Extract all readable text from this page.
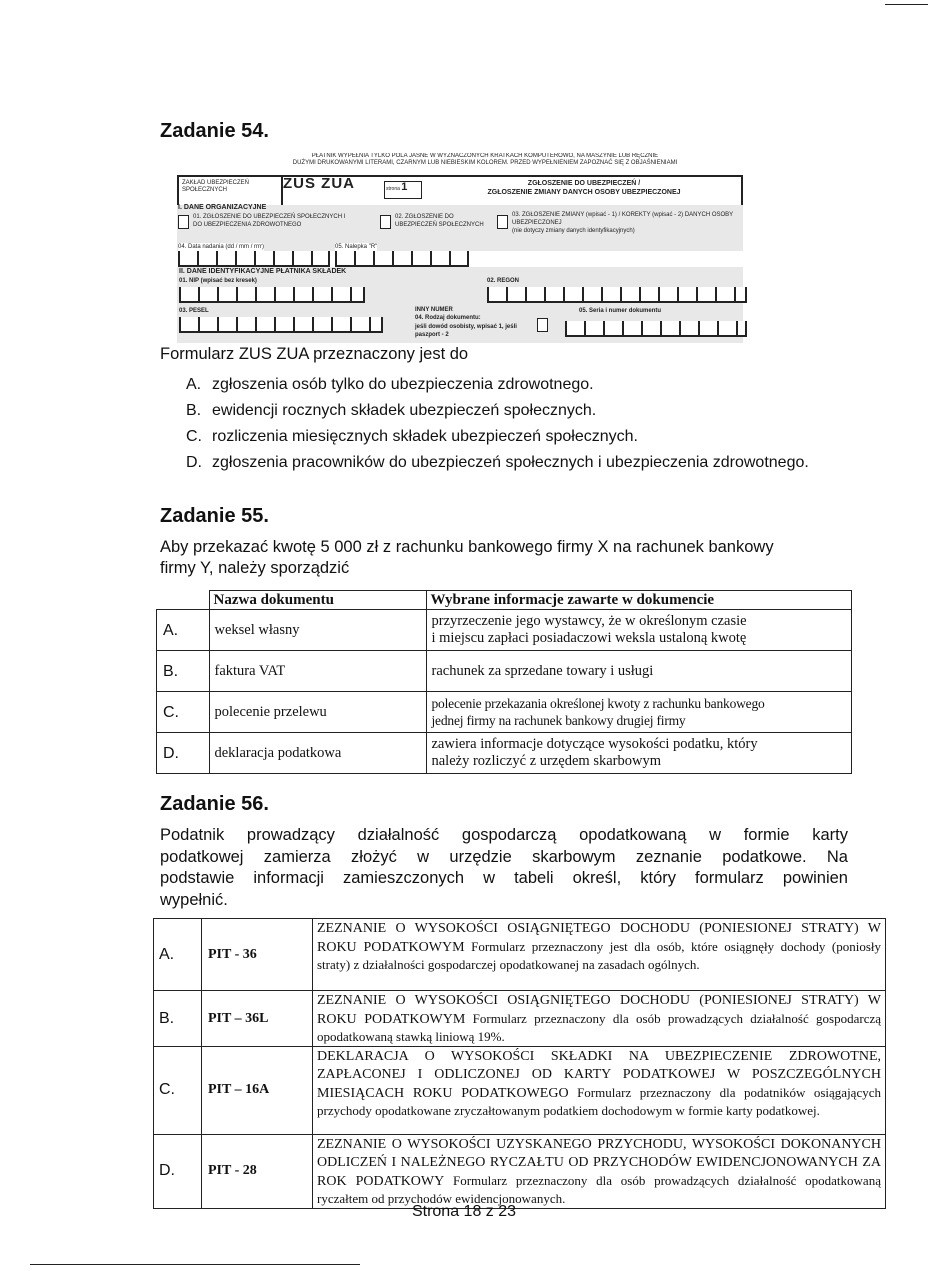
Zadanie 54.
PŁATNIK WYPEŁNIA TYLKO POLA JASNE W WYZNACZONYCH KRATKACH KOMPUTEROWO, NA MASZYNIE LUB RĘCZNIE
DUŻYMI DRUKOWANYMI LITERAMI, CZARNYM LUB NIEBIESKIM KOLOREM. PRZED WYPEŁNIENIEM ZAPOZNAĆ SIĘ Z OBJAŚNIENIAMI
ZAKŁAD UBEZPIECZEŃ SPOŁECZNYCH	ZUS ZUA	strona 1	ZGŁOSZENIE DO UBEZPIECZEŃ /
ZGŁOSZENIE ZMIANY DANYCH OSOBY UBEZPIECZONEJ
I. DANE ORGANIZACYJNE
01. ZGŁOSZENIE DO UBEZPIECZEŃ SPOŁECZNYCH I DO UBEZPIECZENIA ZDROWOTNEGO
02. ZGŁOSZENIE DO UBEZPIECZEŃ SPOŁECZNYCH
03. ZGŁOSZENIE ZMIANY (wpisać - 1) / KOREKTY (wpisać - 2) DANYCH OSOBY UBEZPIECZONEJ
(nie dotyczy zmiany danych identyfikacyjnych)
04. Data nadania (dd / mm / rrrr)	05. Nalepka "R"
II. DANE IDENTYFIKACYJNE PŁATNIKA SKŁADEK
01. NIP (wpisać bez kresek)	02. REGON
03. PESEL	INNY NUMER
04. Rodzaj dokumentu:
jeśli dowód osobisty, wpisać 1, jeśli paszport - 2
05. Seria i numer dokumentu
Formularz ZUS ZUA przeznaczony jest do
A. zgłoszenia osób tylko do ubezpieczenia zdrowotnego.
B. ewidencji rocznych składek ubezpieczeń społecznych.
C. rozliczenia miesięcznych składek ubezpieczeń społecznych.
D. zgłoszenia pracowników do ubezpieczeń społecznych i ubezpieczenia zdrowotnego.
Zadanie 55.
Aby przekazać kwotę 5 000 zł z rachunku bankowego firmy X na rachunek bankowy
firmy Y, należy sporządzić
	Nazwa dokumentu	Wybrane informacje zawarte w dokumencie
A.	weksel własny	przyrzeczenie jego wystawcy, że w określonym czasie
i miejscu zapłaci posiadaczowi weksla ustaloną kwotę

B.	faktura VAT	rachunek za sprzedane towary i usługi

C.	polecenie przelewu	polecenie przekazania określonej kwoty z rachunku bankowego
jednej firmy na rachunek bankowy drugiej firmy

D.	deklaracja podatkowa	zawiera informacje dotyczące wysokości podatku, który
należy rozliczyć z urzędem skarbowym
Zadanie 56.
Podatnik prowadzący działalność gospodarczą opodatkowaną w formie karty
podatkowej zamierza złożyć w urzędzie skarbowym zeznanie podatkowe. Na
podstawie informacji zamieszczonych w tabeli określ, który formularz powinien
wypełnić.
A.	PIT - 36	ZEZNANIE O WYSOKOŚCI OSIĄGNIĘTEGO DOCHODU (PONIESIONEJ STRATY) W ROKU PODATKOWYM Formularz przeznaczony jest dla osób, które osiągnęły dochody (poniosły straty) z działalności gospodarczej opodatkowanej na zasadach ogólnych.
B.	PIT – 36L	ZEZNANIE O WYSOKOŚCI OSIĄGNIĘTEGO DOCHODU (PONIESIONEJ STRATY) W ROKU PODATKOWYM Formularz przeznaczony dla osób prowadzących działalność gospodarczą opodatkowaną stawką liniową 19%.
C.	PIT – 16A	DEKLARACJA O WYSOKOŚCI SKŁADKI NA UBEZPIECZENIE ZDROWOTNE, ZAPŁACONEJ I ODLICZONEJ OD KARTY PODATKOWEJ W POSZCZEGÓLNYCH MIESIĄCACH ROKU PODATKOWEGO Formularz przeznaczony dla podatników osiągających przychody opodatkowane zryczałtowanym podatkiem dochodowym w formie karty podatkowej.
D.	PIT - 28	ZEZNANIE O WYSOKOŚCI UZYSKANEGO PRZYCHODU, WYSOKOŚCI DOKONANYCH ODLICZEŃ I NALEŻNEGO RYCZAŁTU OD PRZYCHODÓW EWIDENCJONOWANYCH ZA ROK PODATKOWY Formularz przeznaczony dla osób prowadzących działalność opodatkowaną ryczałtem od przychodów ewidencjonowanych.
Strona 18 z 23
